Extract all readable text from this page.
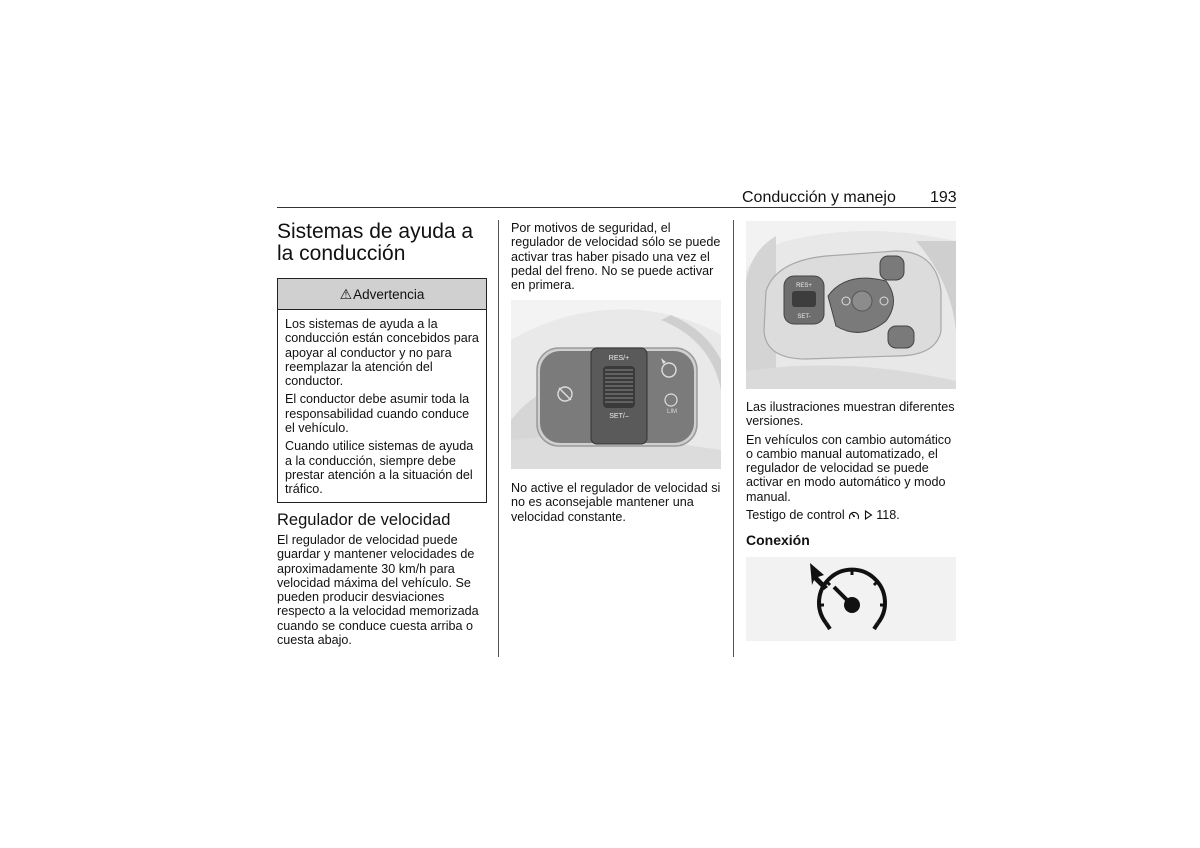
Conducción y manejo 193
Sistemas de ayuda a la conducción
⚠ Advertencia

Los sistemas de ayuda a la conducción están concebidos para apoyar al conductor y no para reemplazar la atención del conductor.

El conductor debe asumir toda la responsabilidad cuando conduce el vehículo.

Cuando utilice sistemas de ayuda a la conducción, siempre debe prestar atención a la situación del tráfico.

Regulador de velocidad

El regulador de velocidad puede guardar y mantener velocidades de aproximadamente 30 km/h para velocidad máxima del vehículo. Se pueden producir desviaciones respecto a la velocidad memorizada cuando se conduce cuesta arriba o cuesta abajo.

Por motivos de seguridad, el regulador de velocidad sólo se puede activar tras haber pisado una vez el pedal del freno. No se puede activar en primera.

RES/+
SET/–
LIM

No active el regulador de velocidad si no es aconsejable mantener una velocidad constante.

RES+
SET-

Las ilustraciones muestran diferentes versiones.

En vehículos con cambio automático o cambio manual automatizado, el regulador de velocidad se puede activar en modo automático y modo manual.

Testigo de control
	118.

Conexión
